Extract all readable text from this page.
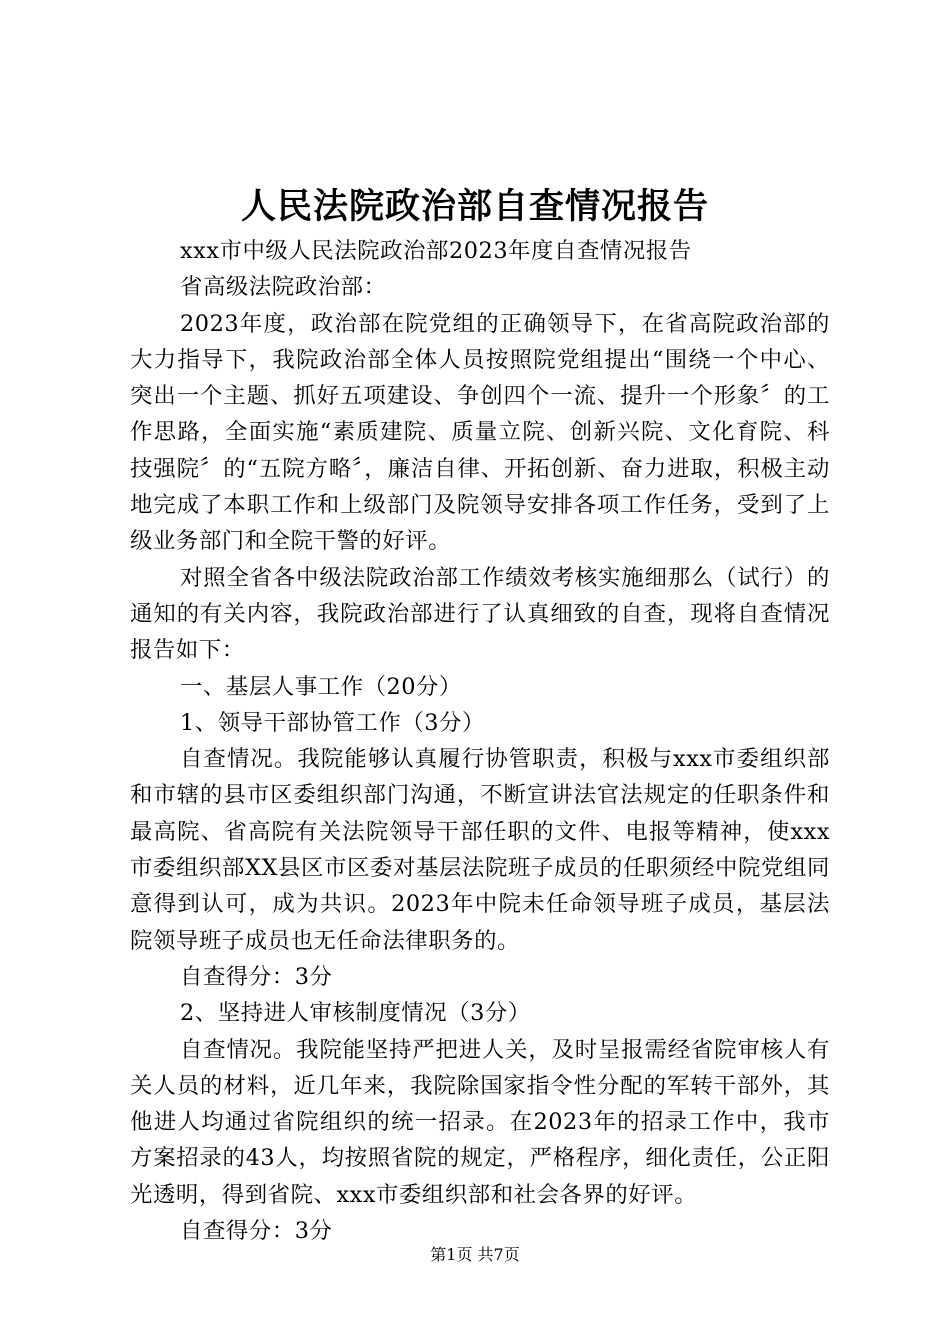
人民法院政治部自查情况报告

xxx市中级人民法院政治部2023年度自查情况报告

省高级法院政治部：

2023年度，政治部在院党组的正确领导下，在省高院政治部的大力指导下，我院政治部全体人员按照院党组提出“围绕一个中心、突出一个主题、抓好五项建设、争创四个一流、提升一个形象〞的工作思路，全面实施“素质建院、质量立院、创新兴院、文化育院、科技强院〞的“五院方略〞，廉洁自律、开拓创新、奋力进取，积极主动地完成了本职工作和上级部门及院领导安排各项工作任务，受到了上级业务部门和全院干警的好评。

对照全省各中级法院政治部工作绩效考核实施细那么（试行）的通知的有关内容，我院政治部进行了认真细致的自查，现将自查情况报告如下：

一、基层人事工作（20分）

1、领导干部协管工作（3分）

自查情况。我院能够认真履行协管职责，积极与xxx市委组织部和市辖的县市区委组织部门沟通，不断宣讲法官法规定的任职条件和最高院、省高院有关法院领导干部任职的文件、电报等精神，使xxx市委组织部XX县区市区委对基层法院班子成员的任职须经中院党组同意得到认可，成为共识。2023年中院未任命领导班子成员，基层法院领导班子成员也无任命法律职务的。

自查得分：3分

2、坚持进人审核制度情况（3分）

自查情况。我院能坚持严把进人关，及时呈报需经省院审核人有关人员的材料，近几年来，我院除国家指令性分配的军转干部外，其他进人均通过省院组织的统一招录。在2023年的招录工作中，我市方案招录的43人，均按照省院的规定，严格程序，细化责任，公正阳光透明，得到省院、xxx市委组织部和社会各界的好评。

自查得分：3分

第1页 共7页
